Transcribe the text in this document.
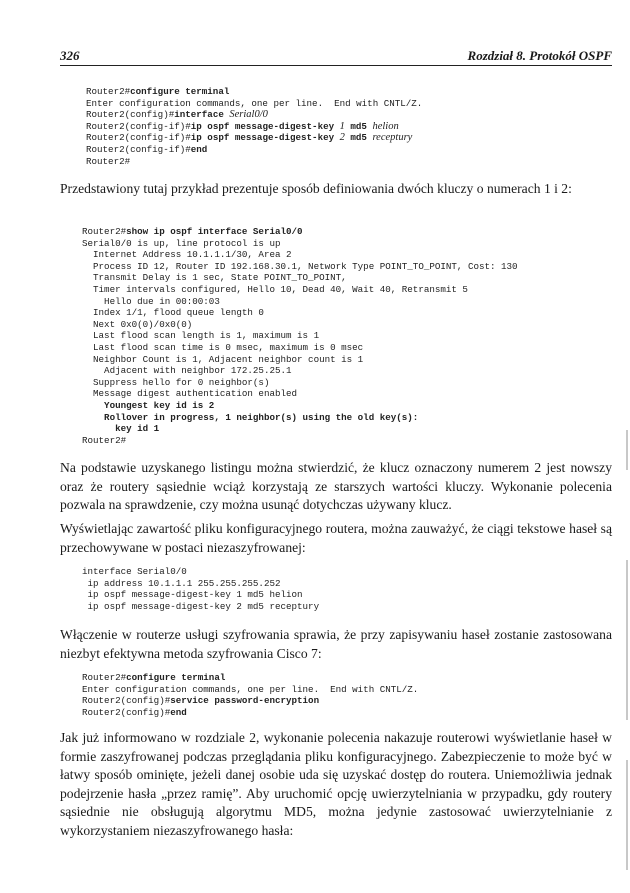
326	Rozdział 8. Protokół OSPF
Router2#configure terminal
Enter configuration commands, one per line.  End with CNTL/Z.
Router2(config)#interface Serial0/0
Router2(config-if)#ip ospf message-digest-key 1 md5 helion
Router2(config-if)#ip ospf message-digest-key 2 md5 receptury
Router2(config-if)#end
Router2#
Przedstawiony tutaj przykład prezentuje sposób definiowania dwóch kluczy o numerach 1 i 2:
Router2#show ip ospf interface Serial0/0
Serial0/0 is up, line protocol is up
Internet Address 10.1.1.1/30, Area 2
Process ID 12, Router ID 192.168.30.1, Network Type POINT_TO_POINT, Cost: 130
Transmit Delay is 1 sec, State POINT_TO_POINT,
Timer intervals configured, Hello 10, Dead 40, Wait 40, Retransmit 5
Hello due in 00:00:03
Index 1/1, flood queue length 0
Next 0x0(0)/0x0(0)
Last flood scan length is 1, maximum is 1
Last flood scan time is 0 msec, maximum is 0 msec
Neighbor Count is 1, Adjacent neighbor count is 1
Adjacent with neighbor 172.25.25.1
Suppress hello for 0 neighbor(s)
Message digest authentication enabled
Youngest key id is 2
Rollover in progress, 1 neighbor(s) using the old key(s):
key id 1
Router2#
Na podstawie uzyskanego listingu można stwierdzić, że klucz oznaczony numerem 2 jest nowszy oraz że routery sąsiednie wciąż korzystają ze starszych wartości kluczy. Wykonanie polecenia pozwala na sprawdzenie, czy można usunąć dotychczas używany klucz.
Wyświetlając zawartość pliku konfiguracyjnego routera, można zauważyć, że ciągi tekstowe haseł są przechowywane w postaci niezaszyfrowanej:
interface Serial0/0
ip address 10.1.1.1 255.255.255.252
ip ospf message-digest-key 1 md5 helion
ip ospf message-digest-key 2 md5 receptury
Włączenie w routerze usługi szyfrowania sprawia, że przy zapisywaniu haseł zostanie zastosowana niezbyt efektywna metoda szyfrowania Cisco 7:
Router2#configure terminal
Enter configuration commands, one per line.  End with CNTL/Z.
Router2(config)#service password-encryption
Router2(config)#end
Jak już informowano w rozdziale 2, wykonanie polecenia nakazuje routerowi wyświetlanie haseł w formie zaszyfrowanej podczas przeglądania pliku konfiguracyjnego. Zabezpieczenie to może być w łatwy sposób ominięte, jeżeli danej osobie uda się uzyskać dostęp do routera. Uniemożliwia jednak podejrzenie hasła „przez ramię”. Aby uruchomić opcję uwierzytelniania w przypadku, gdy routery sąsiednie nie obsługują algorytmu MD5, można jedynie zastosować uwierzytelnianie z wykorzystaniem niezaszyfrowanego hasła:
